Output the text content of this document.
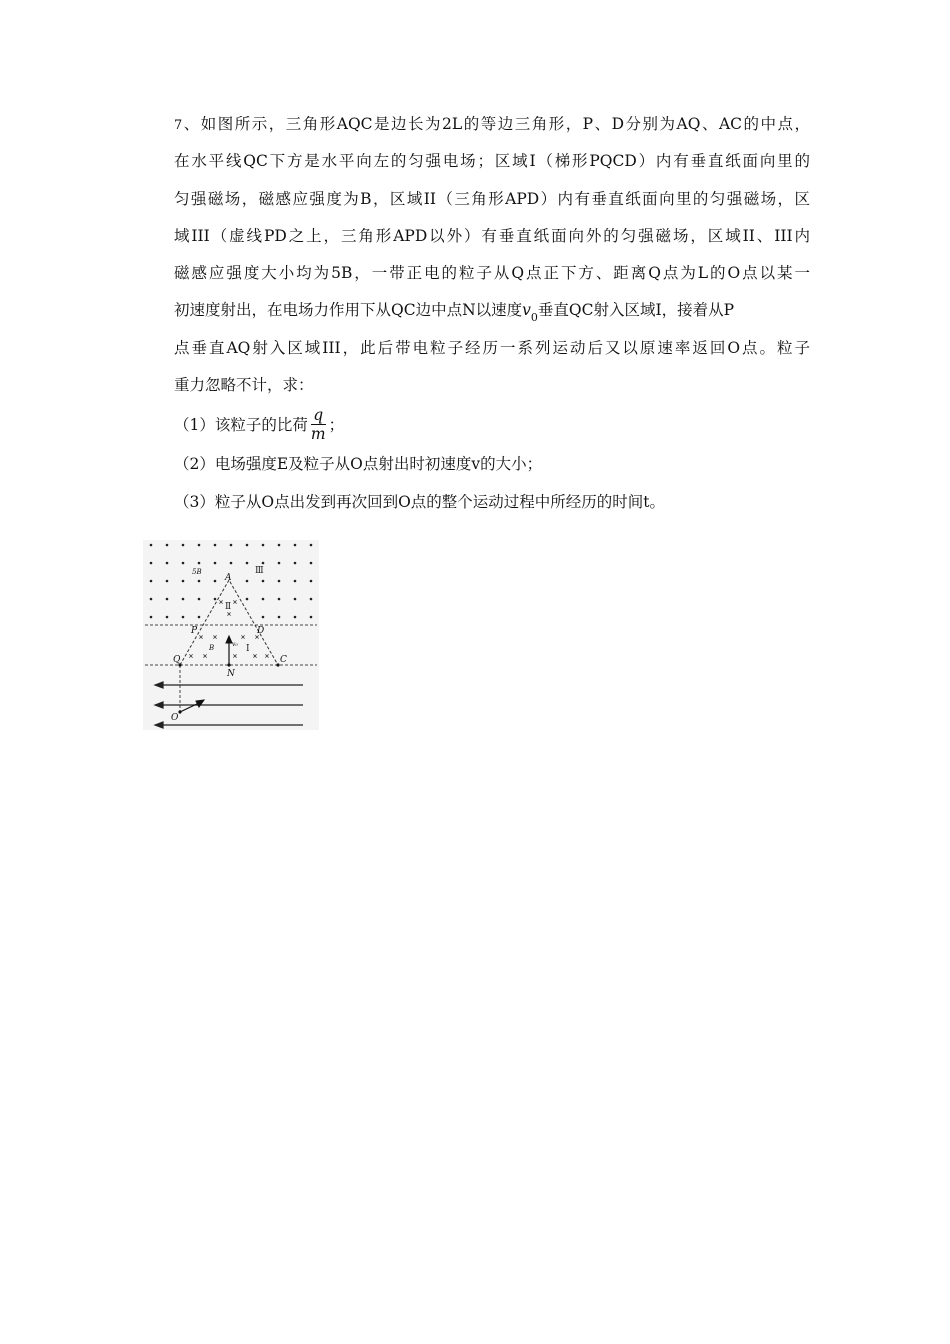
7、如图所示，三角形AQC是边长为2L的等边三角形，P、D分别为AQ、AC的中点，
在水平线QC下方是水平向左的匀强电场；区域I（梯形PQCD）内有垂直纸面向里的
匀强磁场，磁感应强度为B，区域II（三角形APD）内有垂直纸面向里的匀强磁场，区
域III（虚线PD之上，三角形APD以外）有垂直纸面向外的匀强磁场，区域II、III内
磁感应强度大小均为5B，一带正电的粒子从Q点正下方、距离Q点为L的O点以某一
初速度射出，在电场力作用下从QC边中点N以速度$v_0$垂直QC射入区域I，接着从P
点垂直AQ射入区域III，此后带电粒子经历一系列运动后又以原速率返回O点。粒子
重力忽略不计，求：
（1）该粒子的比荷 $\frac{q}{m}$ ；
（2）电场强度E及粒子从O点射出时初速度v的大小；
（3）粒子从O点出发到再次回到O点的整个运动过程中所经历的时间t。
A
P	D
Q	C
N
O
B
5B
v₀ Ⅰ
Ⅱ
Ⅲ
